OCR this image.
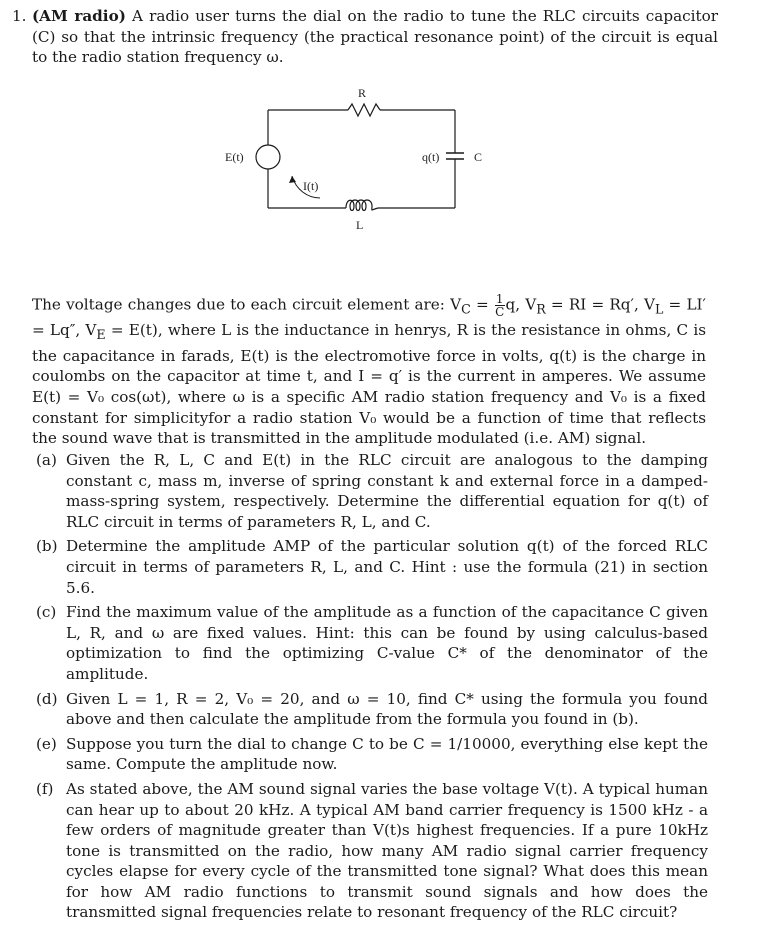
1. (AM radio) A radio user turns the dial on the radio to tune the RLC circuits capacitor (C) so that the intrinsic frequency (the practical resonance point) of the circuit is equal to the radio station frequency ω.
R
L
E(t)
I(t)
q(t)	C
The voltage changes due to each circuit element are: $V_C = \frac{1}{C} q$, $V_R$ = RI = Rq′, $V_L = LI' = Lq''$, $V_E = E(t)$, where L is the inductance in henrys, R is the resistance in ohms, C is the capacitance in farads, E(t) is the electromotive force in volts, q(t) is the charge in coulombs on the capacitor at time t, and I = q′ is the current in amperes. We assume E(t) = V₀ cos(ωt), where ω is a specific AM radio station frequency and V₀ is a fixed constant for simplicityfor a radio station V₀ would be a function of time that reflects the sound wave that is transmitted in the amplitude modulated (i.e. AM) signal.
(a) Given the R, L, C and E(t) in the RLC circuit are analogous to the damping constant c, mass m, inverse of spring constant k and external force in a damped-mass-spring system, respectively. Determine the differential equation for q(t) of RLC circuit in terms of parameters R, L, and C.
(b) Determine the amplitude AMP of the particular solution q(t) of the forced RLC circuit in terms of parameters R, L, and C. Hint : use the formula (21) in section 5.6.
(c) Find the maximum value of the amplitude as a function of the capacitance C given L, R, and ω are fixed values. Hint: this can be found by using calculus-based optimization to find the optimizing C-value C* of the denominator of the amplitude.
(d) Given L = 1, R = 2, V₀ = 20, and ω = 10, find C* using the formula you found above and then calculate the amplitude from the formula you found in (b).
(e) Suppose you turn the dial to change C to be C = 1/10000, everything else kept the same. Compute the amplitude now.
(f) As stated above, the AM sound signal varies the base voltage V(t). A typical human can hear up to about 20 kHz. A typical AM band carrier frequency is 1500 kHz - a few orders of magnitude greater than V(t)s highest frequencies. If a pure 10kHz tone is transmitted on the radio, how many AM radio signal carrier frequency cycles elapse for every cycle of the transmitted tone signal? What does this mean for how AM radio functions to transmit sound signals and how does the transmitted signal frequencies relate to resonant frequency of the RLC circuit?
